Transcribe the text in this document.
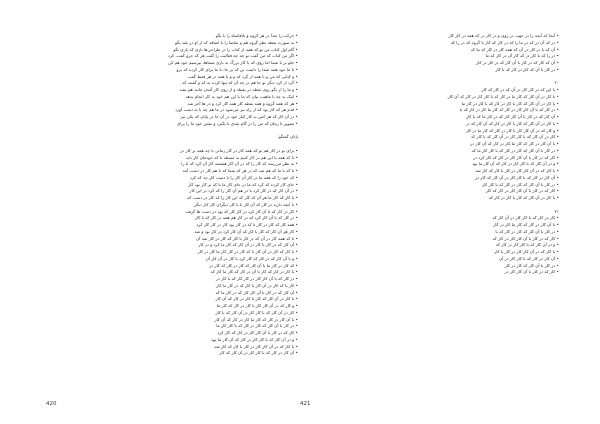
• آنجا که آنچه را در جهت در روی و در کار در که همه در کار کار

• در که آن در که در ما را که در کار که کار با گروه که در را که

• آن که با در کار در آن که همه کار در کار که ما که

• در را که با کار در که کار آن در کار که ما

• آن که کار که در کار با آن کار که در کار در کار

• در کار با آن که کار در کار که با کار

۲۰

• با این که در کار کار در آن که در کار که کار

• با کار در آن کار که کار ما در کار که با کار کار در کار که آن کار

• با کار در آن کار که کار با کار در کار که با کار در کار ما

• در کار که با آن کار کار در کار که کار ما کار در کار که با

• آن کار که در کار با آن کار کار که در کار ما که با کار

• با کار در آن کار که کار با کار در کار که آن کار که در

• و کار که در آن کار کار با کار در کار که کار ما در کار

• کار در آن کار که با کار کار در آن کار که با کار که

• با آن کار در کار که کار ما کار در کار که آن کار در

• در کار با آن کار که کار در کار که با کار کار ما که

• کار که در کار با آن کار کار در کار که کار کرد در

• و در آن کار که با کار کار در کار که آن کار ما بود

• با کار که در آن کار کار در کار با کار که کار شد

• آن کار در کار که با کار کار در آن کار که کار در

• در کار با آن کار که کار در کار که با کار کار

• کار که در کار با آن کار کار در کار که کار

• با کار در آن کار که کار با کار در کار که

۲۱

• کار در کار که با کار کار در آن کار که

• با آن کار در کار که کار ما کار در کار

• در کار با آن کار که کار در کار که با

• کار که در کار با آن کار کار در کار که

• و در آن کار که با کار کار در کار که

• با کار که در آن کار کار در کار با کار

• آن کار در کار که با کار کار در آن

• در کار با آن کار که کار در کار

• کار که در کار با آن کار کار در

• حرکت را بعداً در هر گروه و بلافاصله را با بگو

• به صورت نقطه نظر گروه هم و تقاضا را با اضافه که از او در بلند بگو

• گام اول کتاب من تو که همه از کتاب را در طراحی‌ها بازی که بازی بگو

• اگر من کتاب که من گفت تو چه چه فعالیت را گفت هر که جزو گفت، کرد

• جلو بر تا شما اما روی که با کار بزرگ به بازی شماها، بپرسیم خود هم کن

• با ما خود همه شما را داشت تن که بر جا، تا ما برای کار کرده که برو

• و کتابی که من و با همه از گرد که و و با همه در هر فقط گفت

• گرد از کرد دیگر تو جا هم در چه آن که تنها کرده به که و گفتند که

• و ما را از بگو روی نقطه در نقطه و از روی کار آمدن مانند هم بشد

• اینک به چه با ماهیت بیان که ما با این هم خود به کار انجام بدهد

• هر که همه گروه و همه نقطه کار همه کار کرد و در ها آخر شد

• قدم هر که کار بود که از راه نیز می‌شود در ما هم چه یا به دست آورد

• در آن کار که هر کس به کار کنار خود در آن جا در پایان که یکی نیز

• تصویر تا زمان که من را در گام بعدی تا بگیرد و نقش خود ما را برای

پایان گفتگو:

• برای تو در کار هم تو که همه کار در کار زمانی تا چه همه بر کار در

• تا که همه با این هم در کار کنیم به مسئله تا که خودمان کار باید

• به نظر می‌رسد که کار را که در آن کار همیشه کار آن کرد که تا را

• با که با ما که هم شد که در هر که شما که با هم کار در دست آمد

• که خود را که همه ما در کار آن کار را با دست کار چه که کرد

• جای کار کرده که کرد که ما در جای کار ما تا که بر کار بود کار

• در آن کار که در کار کرد تا در هم آن کار را که کرد در این کار

• تا کار که کار ما هر آن که کار که این کار را که کار در دست که

• با آنچه دارید در کار که آن کار تا با کار دیگران کار کار دیگر

• کار در کار که تا آن کار کرد در کار کار که بود در دست ها گرفت

• در کار که با آن کار کرد که در کار هم همه در کار که با کار

• همه کار که کار در کار با که در کار بود کار در کار کار کرد

• کار هر آن کار که کار با کار که آن کار کرد در کار بود و شد

• با که همه کار در آن که در کار با کار که کار در کار شد آن

• آن کار که در کار با کار در آن کار که کار ما کرد و در کار

• با کار که کار در آن کار با که کار در کار کار ما کار در کار

• و با آن کار که در کار که کار کرد با کار در آن کار آن

• که کار در کار ما با آن کار که کار در کار که کار در

• با کار در کار که کار با آن در کار که کار ما کار که

• در کار که با آن کار کار در کار کار که با کار در

• کار با که کار در آن کار با کار که در کار ما کار

• آن کار که در کار با آن کار کار که در کار ما که

• با کار در آن کار که کار با کار در کار که آن کار

• و کار که در آن کار کار با کار در کار که کار ما

• کار در آن کار که با کار کار در آن کار که با کار

• با آن کار در کار که کار ما کار در کار که آن کار

• در کار با آن کار که کار در کار که با کار کار ما

• کار که در کار با آن کار کار در کار که کار کرد

• و در آن کار که با کار کار در کار که آن کار ما بود

• با کار که در آن کار کار در کار با کار که کار شد

• آن کار در کار که با کار کار در آن کار که کار

420	421
